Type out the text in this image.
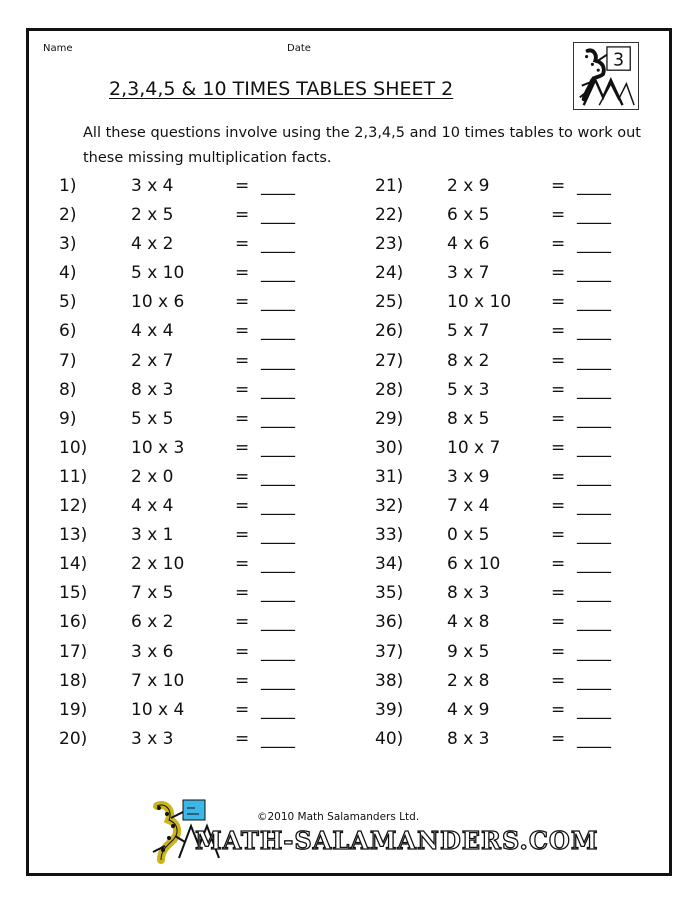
Name	Date
2,3,4,5 & 10 TIMES TABLES SHEET 2
3
All these questions involve using the 2,3,4,5 and 10 times tables to work out these missing multiplication facts.
1)	3 x 4	= ____
2)	2 x 5	= ____
3)	4 x 2	= ____
4)	5 x 10	= ____
5)	10 x 6	= ____
6)	4 x 4	= ____
7)	2 x 7	= ____
8)	8 x 3	= ____
9)	5 x 5	= ____
10)	10 x 3	= ____
11)	2 x 0	= ____
12)	4 x 4	= ____
13)	3 x 1	= ____
14)	2 x 10	= ____
15)	7 x 5	= ____
16)	6 x 2	= ____
17)	3 x 6	= ____
18)	7 x 10	= ____
19)	10 x 4	= ____
20)	3 x 3	= ____
21)	2 x 9	= ____
22)	6 x 5	= ____
23)	4 x 6	= ____
24)	3 x 7	= ____
25)	10 x 10 = ____
26)	5 x 7	= ____
27)	8 x 2	= ____
28)	5 x 3	= ____
29)	8 x 5	= ____
30)	10 x 7	= ____
31)	3 x 9	= ____
32)	7 x 4	= ____
33)	0 x 5	= ____
34)	6 x 10	= ____
35)	8 x 3	= ____
36)	4 x 8	= ____
37)	9 x 5	= ____
38)	2 x 8	= ____
39)	4 x 9	= ____
40)	8 x 3	= ____
©2010 Math Salamanders Ltd.
MATH-SALAMANDERS.COM
